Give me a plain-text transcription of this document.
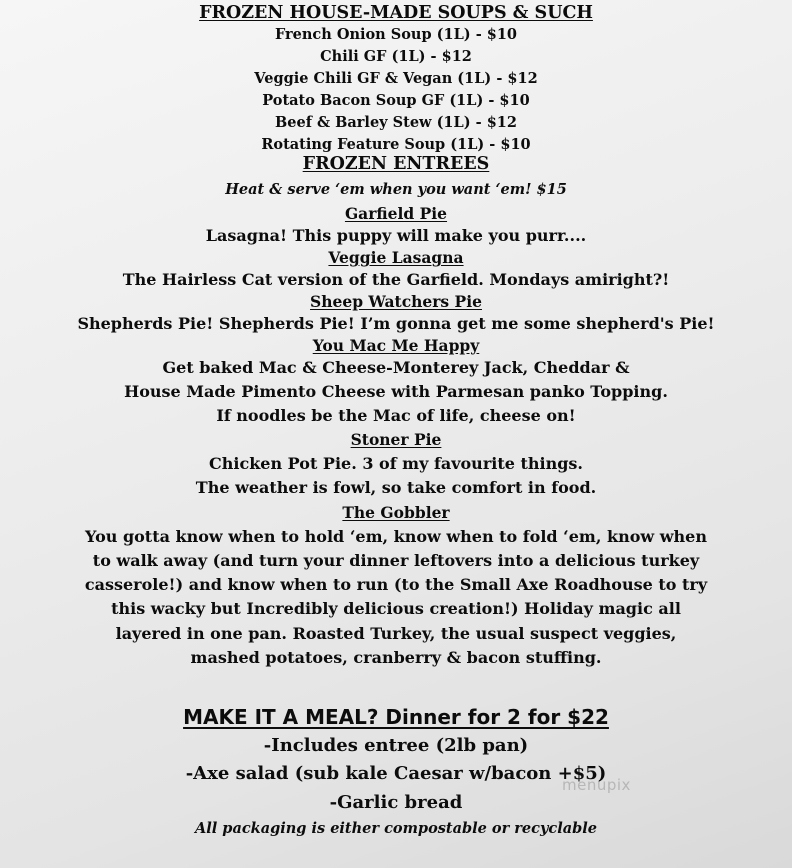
FROZEN HOUSE-MADE SOUPS & SUCH
French Onion Soup (1L) - $10
Chili GF (1L) - $12
Veggie Chili GF & Vegan (1L) - $12
Potato Bacon Soup GF (1L) - $10
Beef & Barley Stew (1L) - $12
Rotating Feature Soup (1L) - $10
FROZEN ENTREES
Heat & serve ‘em when you want ‘em! $15
Garfield Pie
Lasagna! This puppy will make you purr....
Veggie Lasagna
The Hairless Cat version of the Garfield. Mondays amiright?!
Sheep Watchers Pie
Shepherds Pie! Shepherds Pie! I’m gonna get me some shepherd's Pie!
You Mac Me Happy
Get baked Mac & Cheese-Monterey Jack, Cheddar &
House Made Pimento Cheese with Parmesan panko Topping.
If noodles be the Mac of life, cheese on!
Stoner Pie
Chicken Pot Pie. 3 of my favourite things.
The weather is fowl, so take comfort in food.
The Gobbler
You gotta know when to hold ‘em, know when to fold ‘em, know when
to walk away (and turn your dinner leftovers into a delicious turkey
casserole!) and know when to run (to the Small Axe Roadhouse to try
this wacky but Incredibly delicious creation!) Holiday magic all
layered in one pan. Roasted Turkey, the usual suspect veggies,
mashed potatoes, cranberry & bacon stuffing.
MAKE IT A MEAL? Dinner for 2 for $22
-Includes entree (2lb pan)
-Axe salad (sub kale Caesar w/bacon +$5)
-Garlic bread
All packaging is either compostable or recyclable
menupix
